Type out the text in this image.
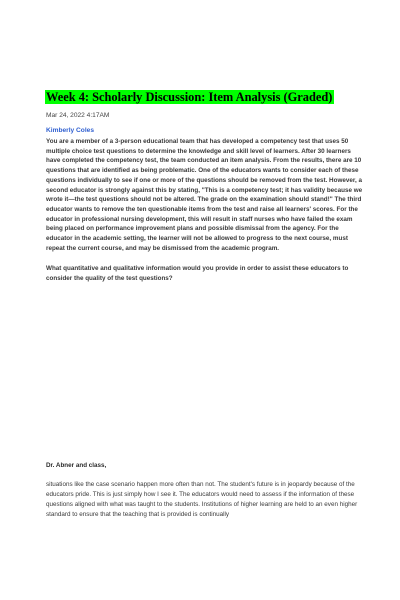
Week 4: Scholarly Discussion: Item Analysis (Graded)
Mar 24, 2022 4:17AM
Kimberly Coles

You are a member of a 3-person educational team that has developed a competency test that uses 50 multiple choice test questions to determine the knowledge and skill level of learners. After 30 learners have completed the competency test, the team conducted an item analysis. From the results, there are 10 questions that are identified as being problematic. One of the educators wants to consider each of these questions individually to see if one or more of the questions should be removed from the test. However, a second educator is strongly against this by stating, "This is a competency test; it has validity because we wrote it—the test questions should not be altered. The grade on the examination should stand!" The third educator wants to remove the ten questionable items from the test and raise all learners' scores. For the educator in professional nursing development, this will result in staff nurses who have failed the exam being placed on performance improvement plans and possible dismissal from the agency. For the educator in the academic setting, the learner will not be allowed to progress to the next course, must repeat the current course, and may be dismissed from the academic program.

What quantitative and qualitative information would you provide in order to assist these educators to consider the quality of the test questions?

Dr. Abner and class,

situations like the case scenario happen more often than not. The student's future is in jeopardy because of the educators pride. This is just simply how I see it. The educators would need to assess if the information of these questions aligned with what was taught to the students. Institutions of higher learning are held to an even higher standard to ensure that the teaching that is provided is continually
